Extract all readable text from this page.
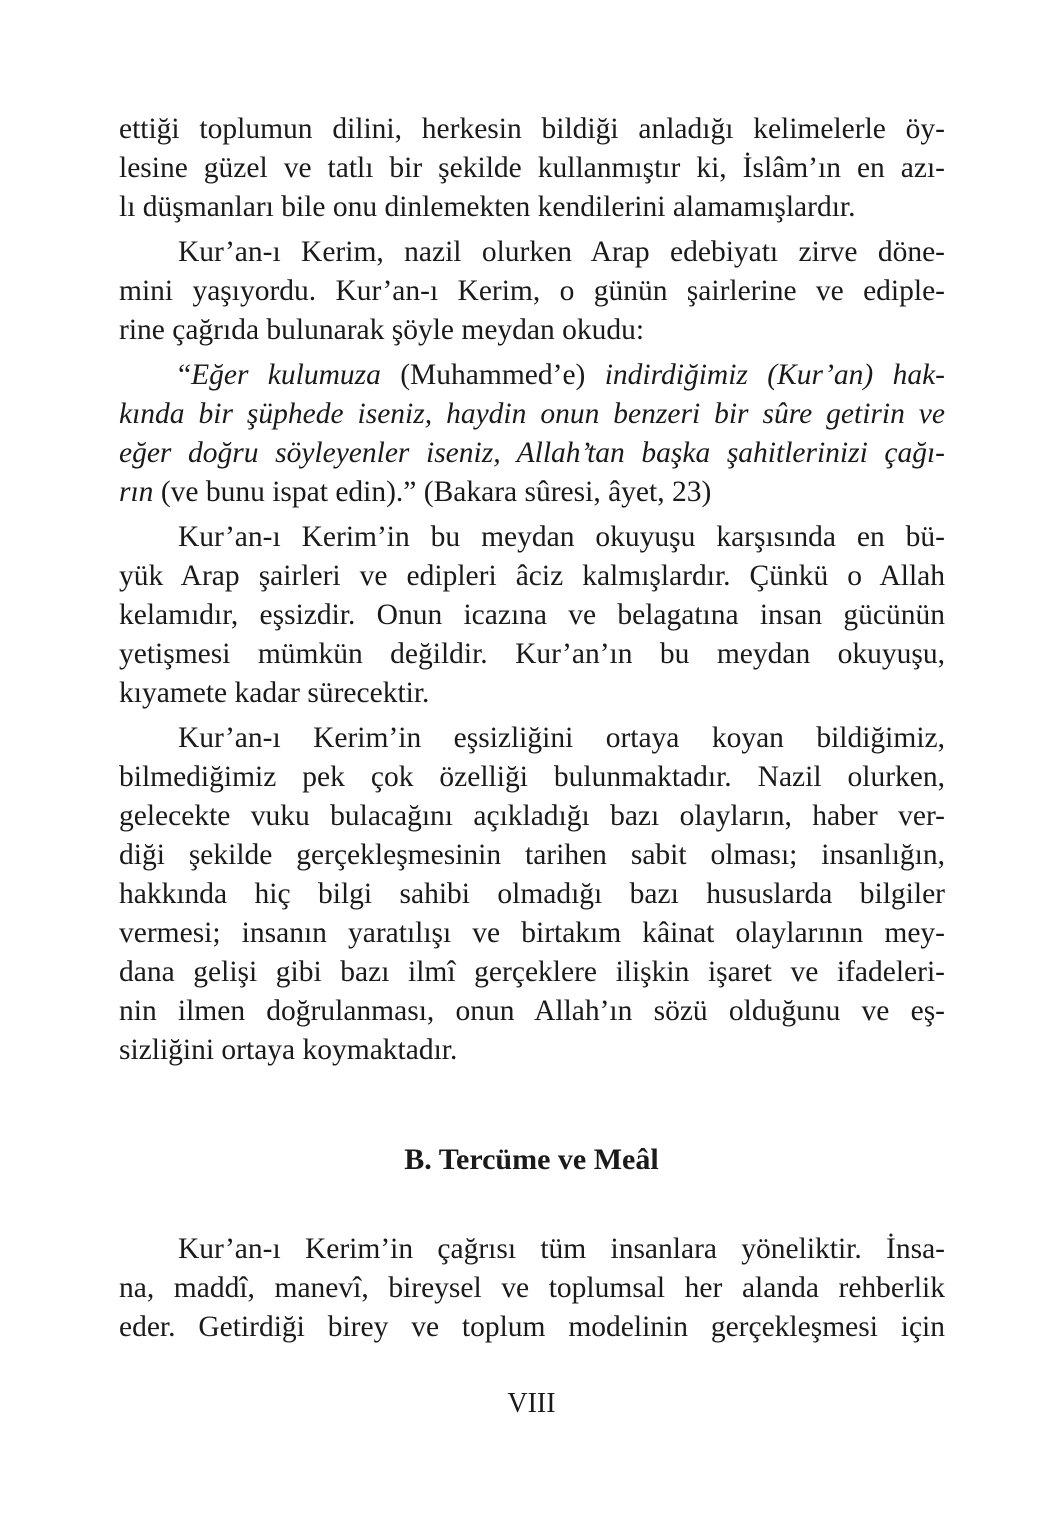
ettiği toplumun dilini, herkesin bildiği anladığı kelimelerle öy-
lesine güzel ve tatlı bir şekilde kullanmıştır ki, İslâm’ın en azı-
lı düşmanları bile onu dinlemekten kendilerini alamamışlardır.
Kur’an-ı Kerim, nazil olurken Arap edebiyatı zirve döne-
mini yaşıyordu. Kur’an-ı Kerim, o günün şairlerine ve ediple-
rine çağrıda bulunarak şöyle meydan okudu:
“Eğer kulumuza (Muhammed’e) indirdiğimiz (Kur’an) hak-
kında bir şüphede iseniz, haydin onun benzeri bir sûre getirin ve
eğer doğru söyleyenler iseniz, Allah’tan başka şahitlerinizi çağı-
rın (ve bunu ispat edin).” (Bakara sûresi, âyet, 23)
Kur’an-ı Kerim’in bu meydan okuyuşu karşısında en bü-
yük Arap şairleri ve edipleri âciz kalmışlardır. Çünkü o Allah
kelamıdır, eşsizdir. Onun icazına ve belagatına insan gücünün
yetişmesi mümkün değildir. Kur’an’ın bu meydan okuyuşu,
kıyamete kadar sürecektir.
Kur’an-ı Kerim’in eşsizliğini ortaya koyan bildiğimiz,
bilmediğimiz pek çok özelliği bulunmaktadır. Nazil olurken,
gelecekte vuku bulacağını açıkladığı bazı olayların, haber ver-
diği şekilde gerçekleşmesinin tarihen sabit olması; insanlığın,
hakkında hiç bilgi sahibi olmadığı bazı hususlarda bilgiler
vermesi; insanın yaratılışı ve birtakım kâinat olaylarının mey-
dana gelişi gibi bazı ilmî gerçeklere ilişkin işaret ve ifadeleri-
nin ilmen doğrulanması, onun Allah’ın sözü olduğunu ve eş-
sizliğini ortaya koymaktadır.
B. Tercüme ve Meâl
Kur’an-ı Kerim’in çağrısı tüm insanlara yöneliktir. İnsa-
na, maddî, manevî, bireysel ve toplumsal her alanda rehberlik
eder. Getirdiği birey ve toplum modelinin gerçekleşmesi için
VIII
